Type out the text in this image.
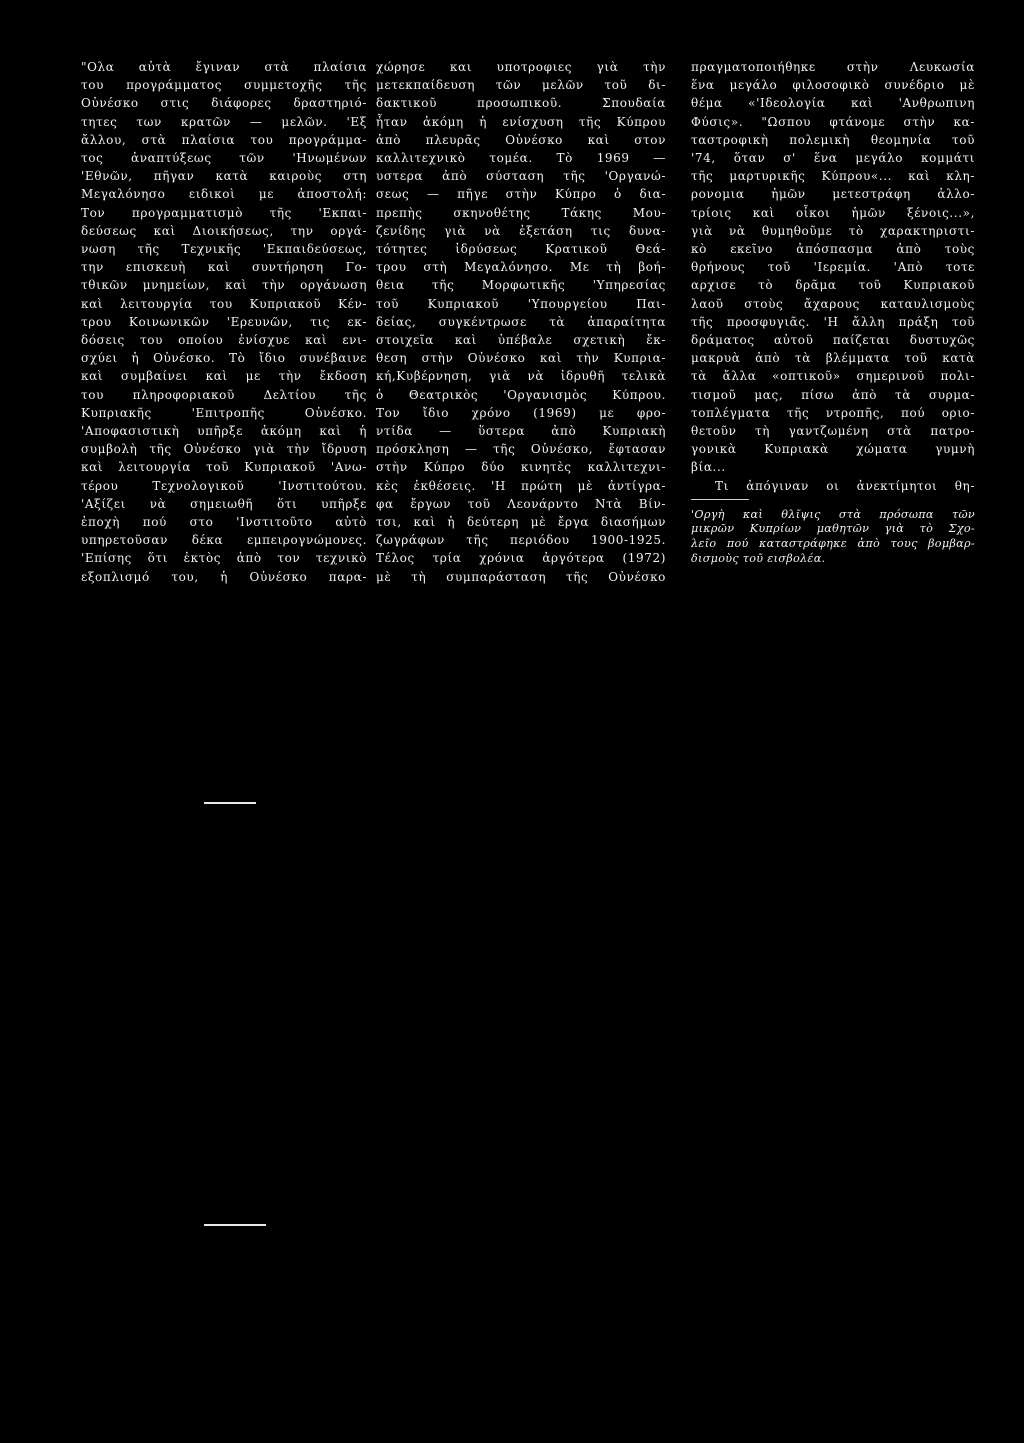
"Ολα αὐτὰ ἔγιναν στὰ πλαίσια
του προγράμματος συμμετοχῆς τῆς
Οὐνέσκο στις διάφορες δραστηριό-
τητες των κρατῶν — μελῶν. 'Εξ
ἄλλου, στὰ πλαίσια του προγράμμα-
τος ἀναπτύξεως τῶν 'Ηνωμένων
'Εθνῶν, πῆγαν κατὰ καιροὺς στη
Μεγαλόνησο ειδικοὶ με ἀποστολή:
Τον προγραμματισμὸ τῆς 'Εκπαι-
δεύσεως καὶ Διοικήσεως, την οργά-
νωση τῆς Τεχνικῆς 'Εκπαιδεύσεως,
την επισκευὴ καὶ συντήρηση Γο-
τθικῶν μνημείων, καὶ τὴν οργάνωση
καὶ λειτουργία του Κυπριακοῦ Κέν-
τρου Κοινωνικῶν 'Ερευνῶν, τις εκ-
δόσεις του οποίου ἐνίσχυε καὶ ενι-
σχύει ἡ Οὐνέσκο. Τὸ ἴδιο συνέβαινε
καὶ συμβαίνει καὶ με τὴν ἔκδοση
του πληροφοριακοῦ Δελτίου τῆς
Κυπριακῆς 'Επιτροπῆς Οὐνέσκο.
'Αποφασιστικὴ υπῆρξε ἀκόμη καὶ ἡ
συμβολὴ τῆς Οὐνέσκο γιὰ τὴν ἴδρυση
καὶ λειτουργία τοῦ Κυπριακοῦ 'Ανω-
τέρου Τεχνολογικοῦ 'Ινστιτούτου.
'Αξίζει νὰ σημειωθῆ ὅτι υπῆρξε
ἐποχὴ πού στο 'Ινστιτοῦτο αὐτὸ
υπηρετοῦσαν δέκα εμπειρογνώμονες.
'Επίσης ὅτι ἐκτὸς ἀπὸ τον τεχνικὸ
εξοπλισμό του, ἡ Οὐνέσκο παρα-
χώρησε και υποτροφιες γιὰ τὴν
μετεκπαίδευση τῶν μελῶν τοῦ δι-
δακτικοῦ προσωπικοῦ. Σπουδαία
ἦταν ἀκόμη ἡ ενίσχυση τῆς Κύπρου
ἀπὸ πλευρᾶς Οὐνέσκο καὶ στον
καλλιτεχνικὸ τομέα. Τὸ 1969 —
υστερα ἀπὸ σύσταση τῆς 'Οργανώ-
σεως — πῆγε στὴν Κύπρο ὁ δια-
πρεπὴς σκηνοθέτης Τάκης Μου-
ζενίδης γιὰ νὰ ἐξετάση τις δυνα-
τότητες ἰδρύσεως Κρατικοῦ Θεά-
τρου στὴ Μεγαλόνησο. Με τὴ βοή-
θεια τῆς Μορφωτικῆς 'Υπηρεσίας
τοῦ Κυπριακοῦ 'Υπουργείου Παι-
δείας, συγκέντρωσε τὰ ἀπαραίτητα
στοιχεῖα καὶ ὑπέβαλε σχετικὴ ἔκ-
θεση στὴν Οὐνέσκο καὶ τὴν Κυπρια-
κή,Κυβέρνηση, γιὰ νὰ ἰδρυθῆ τελικὰ
ὁ Θεατρικὸς 'Οργανισμὸς Κύπρου.
Τον ἴδιο χρόνο (1969) με φρο-
ντίδα — ὕστερα ἀπὸ Κυπριακὴ
πρόσκληση — τῆς Οὐνέσκο, ἔφτασαν
στὴν Κύπρο δύο κινητὲς καλλιτεχνι-
κὲς ἐκθέσεις. 'Η πρώτη μὲ ἀντίγρα-
φα ἔργων τοῦ Λεονάρντο Ντὰ Βίν-
τσι, καὶ ἡ δεύτερη μὲ ἔργα διασήμων
ζωγράφων τῆς περιόδου 1900-1925.
Τέλος τρία χρόνια ἀργότερα (1972)
μὲ τὴ συμπαράσταση τῆς Οὐνέσκο
πραγματοποιήθηκε στὴν Λευκωσία
ἕνα μεγάλο φιλοσοφικὸ συνέδριο μὲ
θέμα «'Ιδεολογία καὶ 'Ανθρωπινη
Φύσις». "Ωσπου φτάνομε στὴν κα-
ταστροφικὴ πολεμικὴ θεομηνία τοῦ
'74, ὅταν σ' ἕνα μεγάλο κομμάτι
τῆς μαρτυρικῆς Κύπρου«... καὶ κλη-
ρονομια ἡμῶν μετεστράφη ἀλλο-
τρίοις καὶ οἶκοι ἡμῶν ξένοις...»,
γιὰ νὰ θυμηθοῦμε τὸ χαρακτηριστι-
κὸ εκεῖνο ἀπόσπασμα ἀπὸ τοὺς
θρήνους τοῦ 'Ιερεμία. 'Απὸ τοτε
αρχισε τὸ δρᾶμα τοῦ Κυπριακοῦ
λαοῦ στοὺς ἄχαρους καταυλισμοὺς
τῆς προσφυγιᾶς. 'Η ἄλλη πράξη τοῦ
δράματος αὐτοῦ παίζεται δυστυχῶς
μακρυὰ ἀπὸ τὰ βλέμματα τοῦ κατὰ
τὰ ἄλλα «οπτικοῦ» σημερινοῦ πολι-
τισμοῦ μας, πίσω ἀπὸ τὰ συρμα-
τοπλέγματα τῆς ντροπῆς, πού οριο-
θετοῦν τὴ γαντζωμένη στὰ πατρο-
γονικὰ Κυπριακὰ χώματα γυμνὴ
βία...
Τι ἀπόγιναν οι ἀνεκτίμητοι θη-
'Οργὴ καὶ θλῖψις στὰ πρόσωπα τῶν
μικρῶν Κυπρίων μαθητῶν γιὰ τὸ Σχο-
λεῖο πού καταστράφηκε ἀπὸ τους βομβαρ-
δισμοὺς τοῦ εισβολέα.
